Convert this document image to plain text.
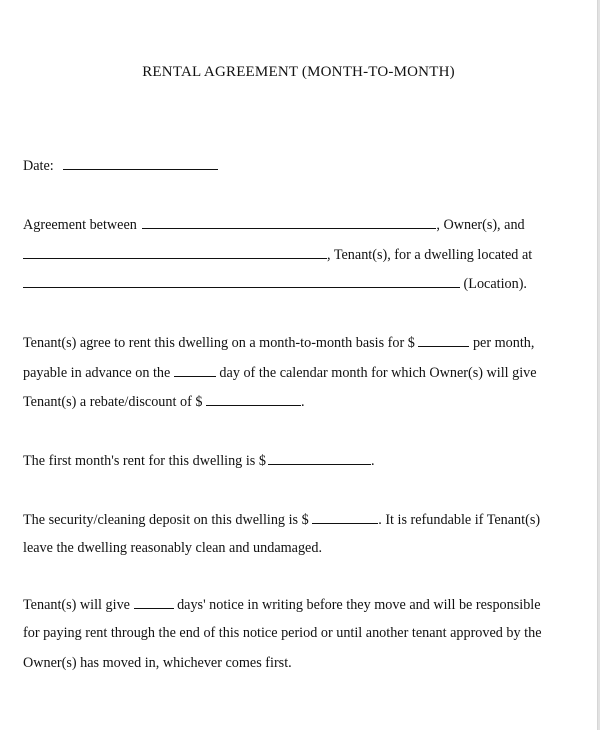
RENTAL AGREEMENT (MONTH-TO-MONTH)
Date:
Agreement between	, Owner(s), and
, Tenant(s), for a dwelling located at
(Location).
Tenant(s) agree to rent this dwelling on a month-to-month basis for $	per month,
payable in advance on the	day of the calendar month for which Owner(s) will give
Tenant(s) a rebate/discount of $	.
The first month's rent for this dwelling is $	.
The security/cleaning deposit on this dwelling is $	. It is refundable if Tenant(s)
leave the dwelling reasonably clean and undamaged.
Tenant(s) will give	days' notice in writing before they move and will be responsible
for paying rent through the end of this notice period or until another tenant approved by the
Owner(s) has moved in, whichever comes first.
